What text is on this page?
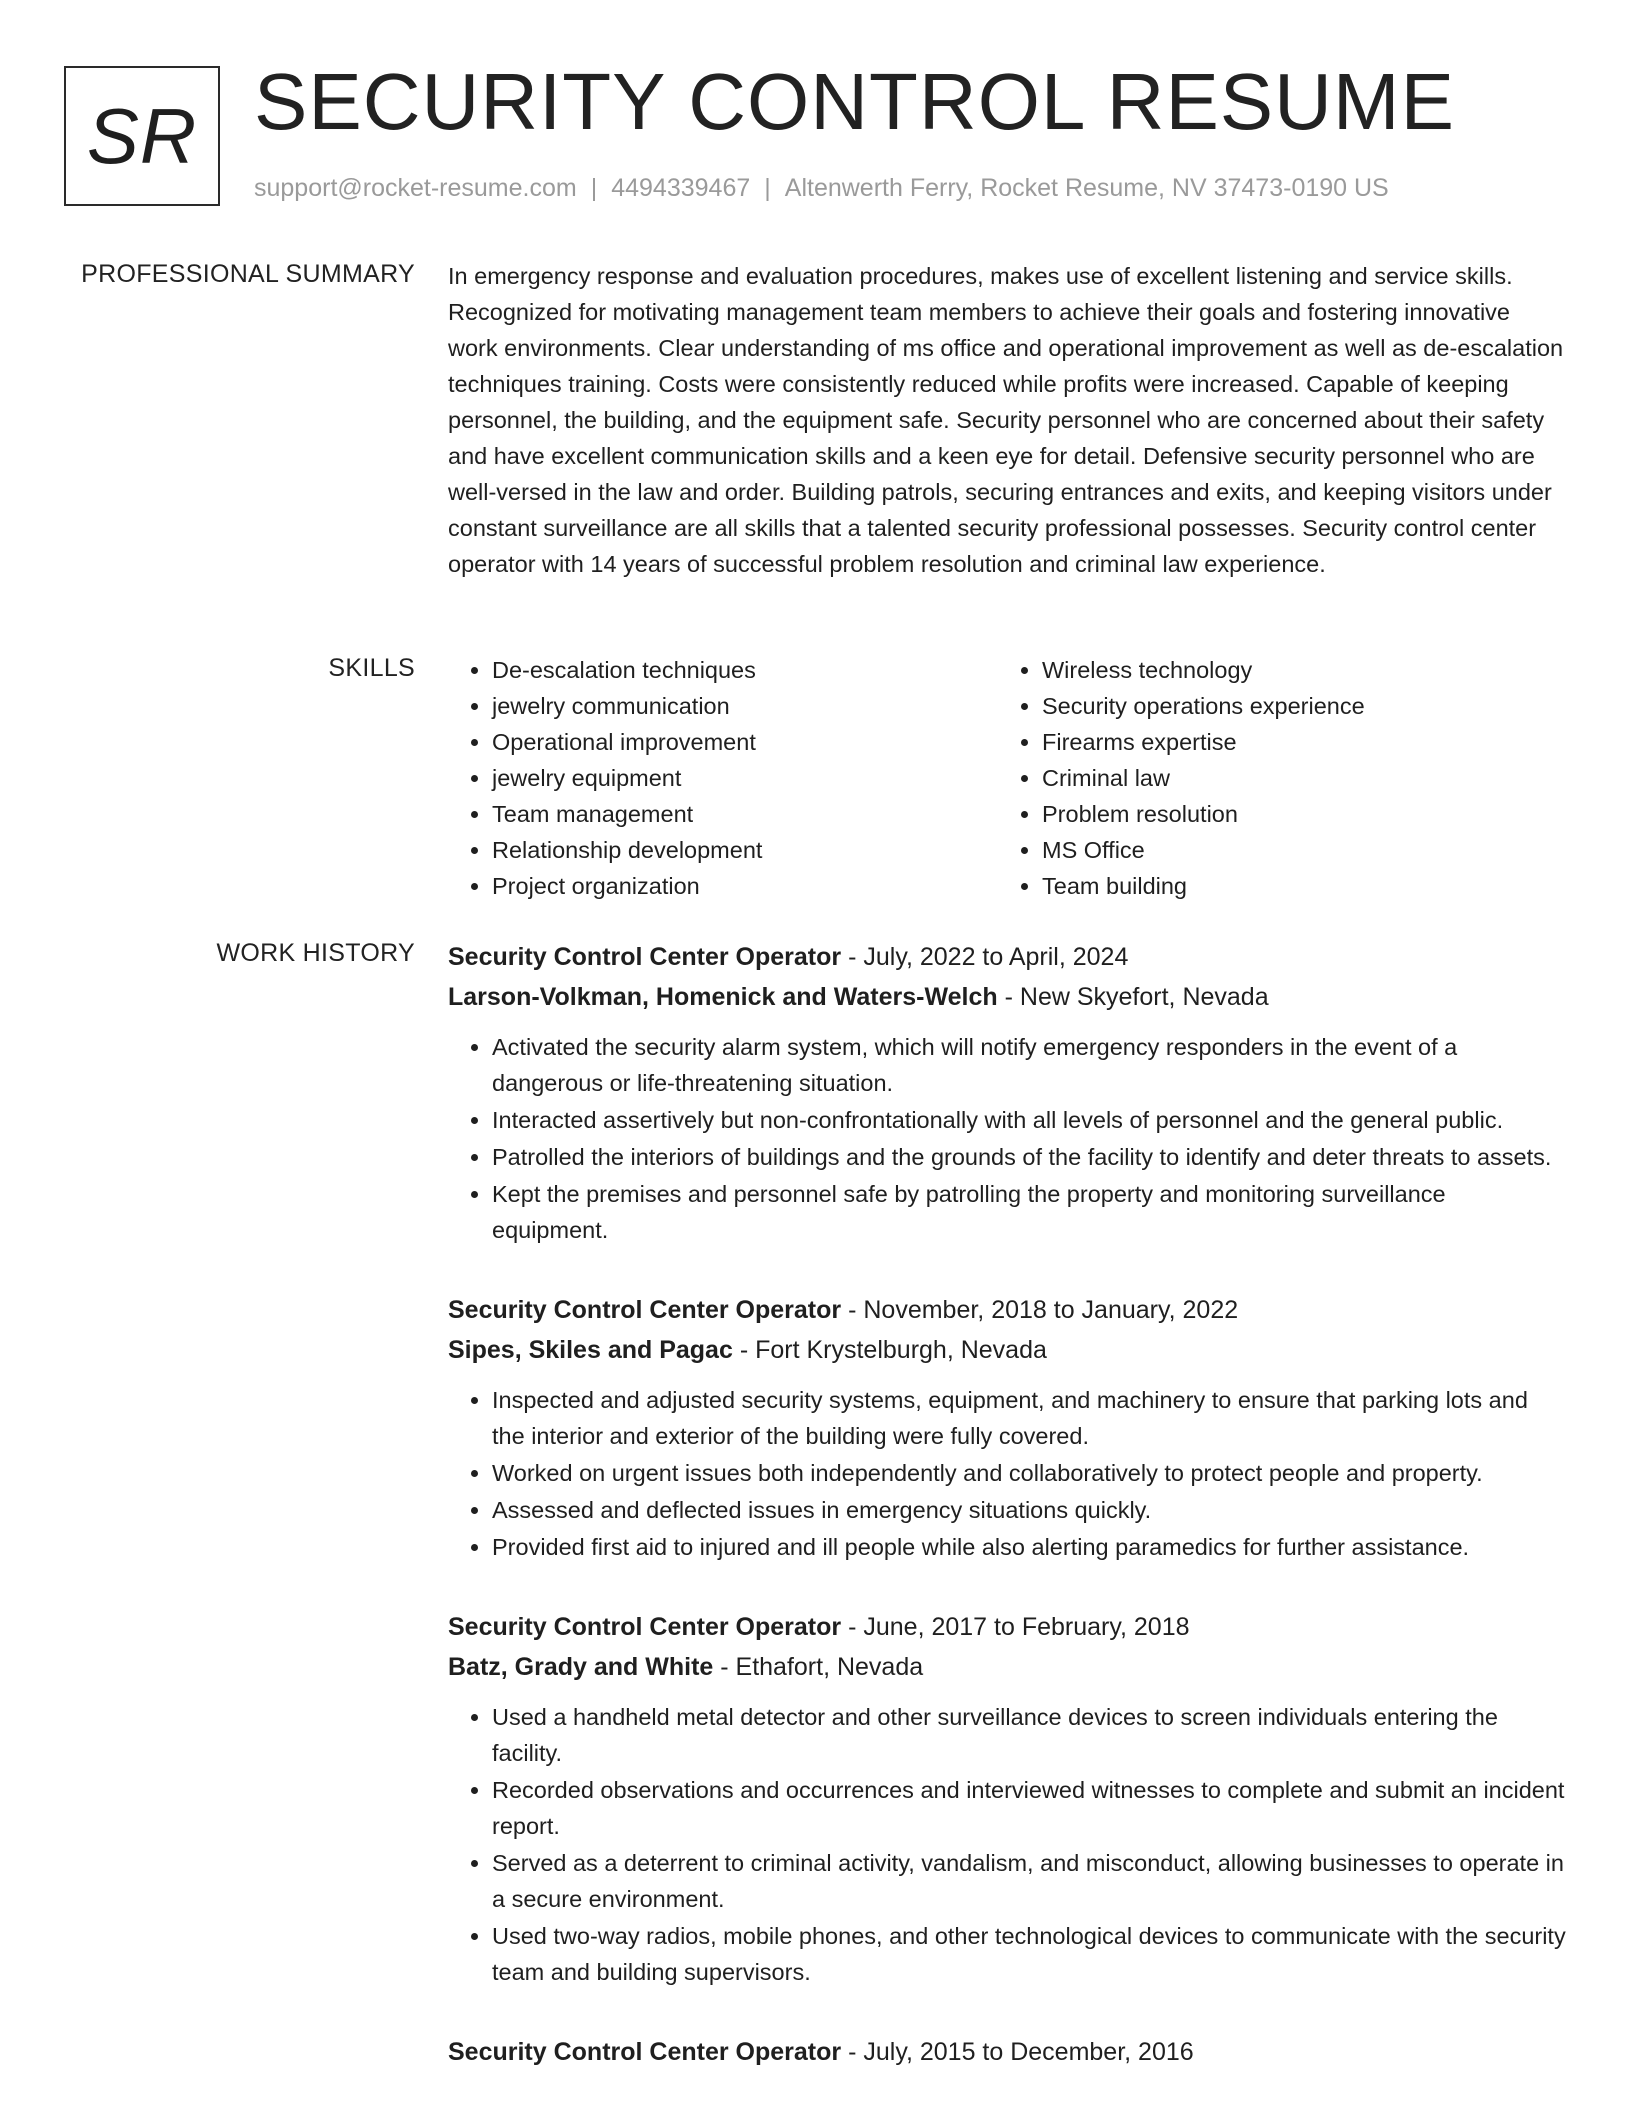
SR SECURITY CONTROL RESUME
support@rocket-resume.com | 4494339467 | Altenwerth Ferry, Rocket Resume, NV 37473-0190 US
PROFESSIONAL SUMMARY In emergency response and evaluation procedures, makes use of excellent listening and service skills. Recognized for motivating management team members to achieve their goals and fostering innovative work environments. Clear understanding of ms office and operational improvement as well as de-escalation techniques training. Costs were consistently reduced while profits were increased. Capable of keeping personnel, the building, and the equipment safe. Security personnel who are concerned about their safety and have excellent communication skills and a keen eye for detail. Defensive security personnel who are well-versed in the law and order. Building patrols, securing entrances and exits, and keeping visitors under constant surveillance are all skills that a talented security professional possesses. Security control center operator with 14 years of successful problem resolution and criminal law experience.

SKILLS
•	De-escalation techniques
• jewelry communication
• Operational improvement
• jewelry equipment
• Team management
• Relationship development
• Project organization
• Wireless technology
• Security operations experience
• Firearms expertise
• Criminal law
• Problem resolution
• MS Office
• Team building
WORK HISTORY Security Control Center Operator - July, 2022 to April, 2024
Larson-Volkman, Homenick and Waters-Welch - New Skyefort, Nevada
• Activated the security alarm system, which will notify emergency responders in the event of a dangerous or life-threatening situation.
• Interacted assertively but non-confrontationally with all levels of personnel and the general public.
• Patrolled the interiors of buildings and the grounds of the facility to identify and deter threats to assets.
• Kept the premises and personnel safe by patrolling the property and monitoring surveillance equipment.
Security Control Center Operator - November, 2018 to January, 2022
Sipes, Skiles and Pagac - Fort Krystelburgh, Nevada
• Inspected and adjusted security systems, equipment, and machinery to ensure that parking lots and the interior and exterior of the building were fully covered.
• Worked on urgent issues both independently and collaboratively to protect people and property.
• Assessed and deflected issues in emergency situations quickly.
• Provided first aid to injured and ill people while also alerting paramedics for further assistance.
Security Control Center Operator - June, 2017 to February, 2018
Batz, Grady and White - Ethafort, Nevada
• Used a handheld metal detector and other surveillance devices to screen individuals entering the facility.
• Recorded observations and occurrences and interviewed witnesses to complete and submit an incident report.
• Served as a deterrent to criminal activity, vandalism, and misconduct, allowing businesses to operate in a secure environment.
• Used two-way radios, mobile phones, and other technological devices to communicate with the security team and building supervisors.
Security Control Center Operator - July, 2015 to December, 2016
